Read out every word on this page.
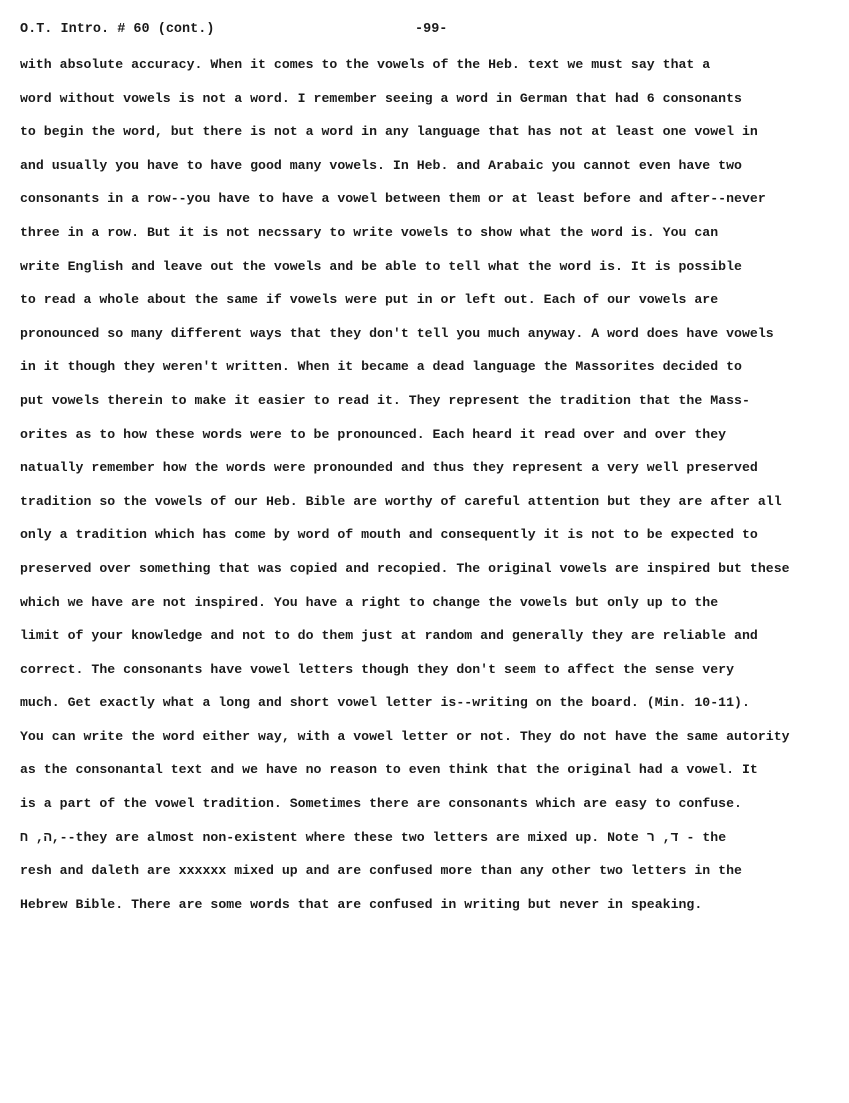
O.T. Intro. # 60 (cont.)	-99-
with absolute accuracy. When it comes to the vowels of the Heb. text we must say that a
word without vowels is not a word. I remember seeing a word in German that had 6 consonants
to begin the word, but there is not a word in any language that has not at least one vowel in
and usually you have to have good many vowels. In Heb. and Arabaic you cannot even have two
consonants in a row--you have to have a vowel between them or at least before and after--never
three in a row. But it is not necssary to write vowels to show what the word is. You can
write English and leave out the vowels and be able to tell what the word is. It is possible
to read a whole about the same if vowels were put in or left out. Each of our vowels are
pronounced so many different ways that they don't tell you much anyway. A word does have vowels
in it though they weren't written. When it became a dead language the Massorites decided to
put vowels therein to make it easier to read it. They represent the tradition that the Mass-
orites as to how these words were to be pronounced. Each heard it read over and over they
natually remember how the words were pronounded and thus they represent a very well preserved
tradition so the vowels of our Heb. Bible are worthy of careful attention but they are after all
only a tradition which has come by word of mouth and consequently it is not to be expected to
preserved over something that was copied and recopied. The original vowels are inspired but these
which we have are not inspired. You have a right to change the vowels but only up to the
limit of your knowledge and not to do them just at random and generally they are reliable and
correct. The consonants have vowel letters though they don't seem to affect the sense very
much. Get exactly what a long and short vowel letter is--writing on the board. (Min. 10-11).
You can write the word either way, with a vowel letter or not. They do not have the same autority
as the consonantal text and we have no reason to even think that the original had a vowel. It
is a part of the vowel tradition. Sometimes there are consonants which are easy to confuse.
ה, ח,--they are almost non-existent where these two letters are mixed up. Note ד, ר - the
resh and daleth are xxxxxx mixed up and are confused more than any other two letters in the
Hebrew Bible. There are some words that are confused in writing but never in speaking.
